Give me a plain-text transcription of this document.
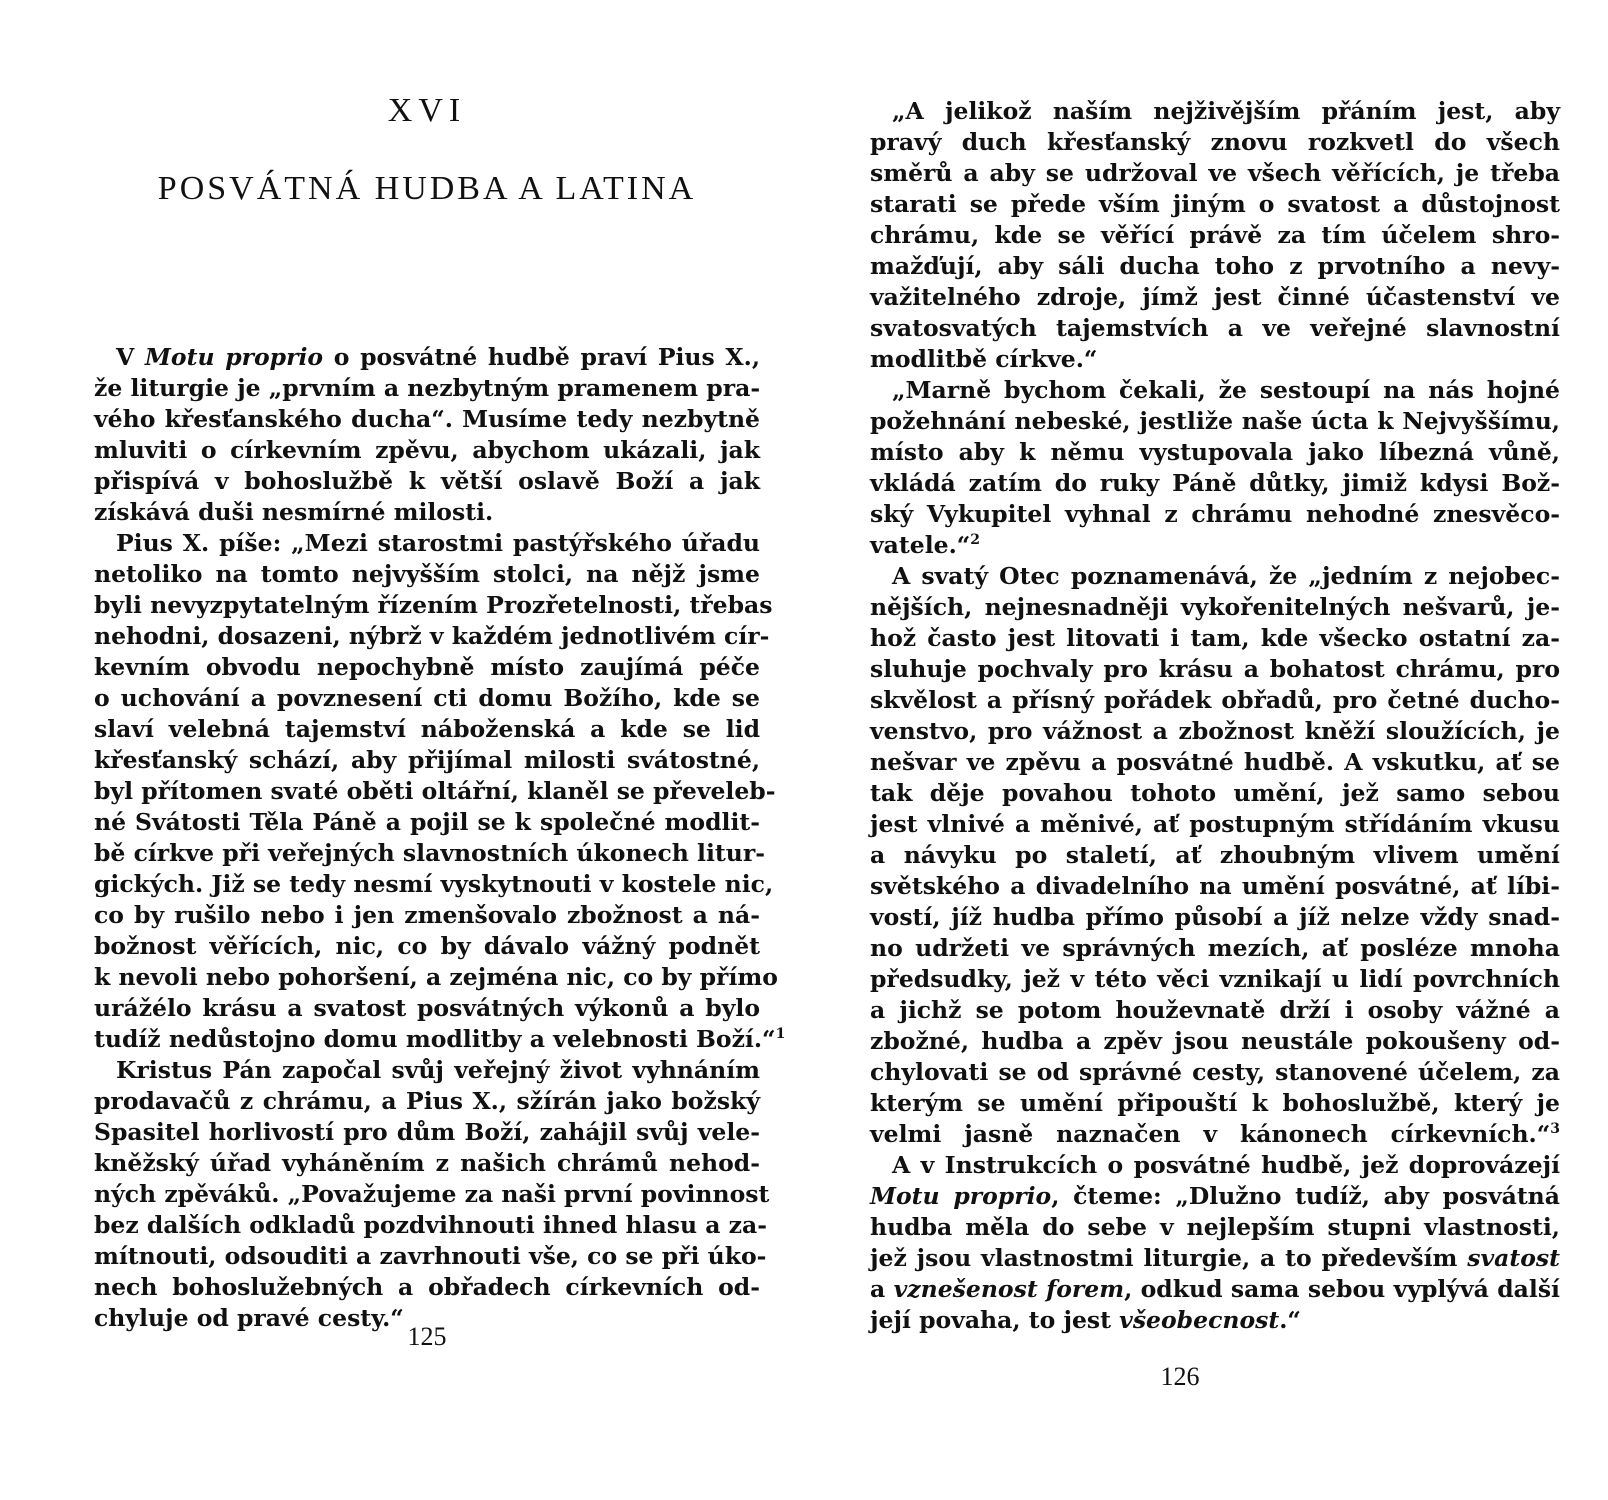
XVI
POSVÁTNÁ HUDBA A LATINA
V Motu proprio o posvátné hudbě praví Pius X.,
že liturgie je „prvním a nezbytným pramenem pra-
vého křesťanského ducha“. Musíme tedy nezbytně
mluviti o církevním zpěvu, abychom ukázali, jak
přispívá v bohoslužbě k větší oslavě Boží a jak
získává duši nesmírné milosti.
Pius X. píše: „Mezi starostmi pastýřského úřadu
netoliko na tomto nejvyšším stolci, na nějž jsme
byli nevyzpytatelným řízením Prozřetelnosti, třebas
nehodni, dosazeni, nýbrž v každém jednotlivém cír-
kevním obvodu nepochybně místo zaujímá péče
o uchování a povznesení cti domu Božího, kde se
slaví velebná tajemství náboženská a kde se lid
křesťanský schází, aby přijímal milosti svátostné,
byl přítomen svaté oběti oltářní, klaněl se převeleb-
né Svátosti Těla Páně a pojil se k společné modlit-
bě církve při veřejných slavnostních úkonech litur-
gických. Již se tedy nesmí vyskytnouti v kostele nic,
co by rušilo nebo i jen zmenšovalo zbožnost a ná-
božnost věřících, nic, co by dávalo vážný podnět
k nevoli nebo pohoršení, a zejména nic, co by přímo
urážélo krásu a svatost posvátných výkonů a bylo
tudíž nedůstojno domu modlitby a velebnosti Boží.“$^1$
Kristus Pán započal svůj veřejný život vyhnáním
prodavačů z chrámu, a Pius X., sžírán jako božský
Spasitel horlivostí pro dům Boží, zahájil svůj vele-
kněžský úřad vyháněním z našich chrámů nehod-
ných zpěváků. „Považujeme za naši první povinnost
bez dalších odkladů pozdvihnouti ihned hlasu a za-
mítnouti, odsouditi a zavrhnouti vše, co se při úko-
nech bohoslužebných a obřadech církevních od-
chyluje od pravé cesty.“
125
„A jelikož naším nejživějším přáním jest, aby
pravý duch křesťanský znovu rozkvetl do všech
směrů a aby se udržoval ve všech věřících, je třeba
starati se přede vším jiným o svatost a důstojnost
chrámu, kde se věřící právě za tím účelem shro-
mažďují, aby sáli ducha toho z prvotního a nevy-
važitelného zdroje, jímž jest činné účastenství ve
svatosvatých tajemstvích a ve veřejné slavnostní
modlitbě církve.“
„Marně bychom čekali, že sestoupí na nás hojné
požehnání nebeské, jestliže naše úcta k Nejvyššímu,
místo aby k němu vystupovala jako líbezná vůně,
vkládá zatím do ruky Páně důtky, jimiž kdysi Bož-
ský Vykupitel vyhnal z chrámu nehodné znesvěco-
vatele.“$^2$
A svatý Otec poznamenává, že „jedním z nejobec-
nějších, nejnesnadněji vykořenitelných nešvarů, je-
hož často jest litovati i tam, kde všecko ostatní za-
sluhuje pochvaly pro krásu a bohatost chrámu, pro
skvělost a přísný pořádek obřadů, pro četné ducho-
venstvo, pro vážnost a zbožnost kněží sloužících, je
nešvar ve zpěvu a posvátné hudbě. A vskutku, ať se
tak děje povahou tohoto umění, jež samo sebou
jest vlnivé a měnivé, ať postupným střídáním vkusu
a návyku po staletí, ať zhoubným vlivem umění
světského a divadelního na umění posvátné, ať líbi-
vostí, jíž hudba přímo působí a jíž nelze vždy snad-
no udržeti ve správných mezích, ať posléze mnoha
předsudky, jež v této věci vznikají u lidí povrchních
a jichž se potom houževnatě drží i osoby vážné a
zbožné, hudba a zpěv jsou neustále pokoušeny od-
chylovati se od správné cesty, stanovené účelem, za
kterým se umění připouští k bohoslužbě, který je
velmi jasně naznačen v kánonech církevních.“$^3$
A v Instrukcích o posvátné hudbě, jež doprovázejí
Motu proprio, čteme: „Dlužno tudíž, aby posvátná
hudba měla do sebe v nejlepším stupni vlastnosti,
jež jsou vlastnostmi liturgie, a to především svatost
a vznešenost forem, odkud sama sebou vyplývá další
její povaha, to jest všeobecnost.“
126
